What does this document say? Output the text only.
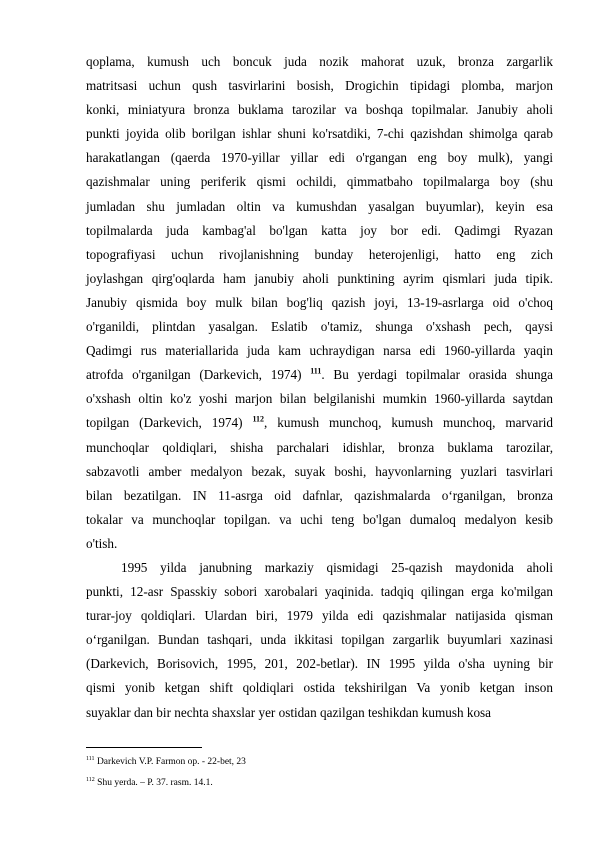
qoplama, kumush uch boncuk juda nozik mahorat uzuk, bronza zargarlik
matritsasi uchun qush tasvirlarini bosish, Drogichin tipidagi plomba, marjon
konki, miniatyura bronza buklama tarozilar va boshqa topilmalar. Janubiy aholi
punkti joyida olib borilgan ishlar shuni ko'rsatdiki, 7-chi qazishdan shimolga qarab
harakatlangan (qaerda 1970-yillar yillar edi o'rgangan eng boy mulk), yangi
qazishmalar uning periferik qismi ochildi, qimmatbaho topilmalarga boy (shu
jumladan shu jumladan oltin va kumushdan yasalgan buyumlar), keyin esa
topilmalarda juda kambag'al bo'lgan katta joy bor edi. Qadimgi Ryazan
topografiyasi uchun rivojlanishning bunday heterojenligi, hatto eng zich
joylashgan qirg'oqlarda ham janubiy aholi punktining ayrim qismlari juda tipik.
Janubiy qismida boy mulk bilan bog'liq qazish joyi, 13-19-asrlarga oid o'choq
o'rganildi, plintdan yasalgan. Eslatib o'tamiz, shunga o'xshash pech, qaysi
Qadimgi rus materiallarida juda kam uchraydigan narsa edi 1960-yillarda yaqin
atrofda o'rganilgan (Darkevich, 1974) $^{111}$. Bu yerdagi topilmalar orasida shunga
o'xshash oltin ko'z yoshi marjon bilan belgilanishi mumkin 1960-yillarda saytdan
topilgan (Darkevich, 1974) $^{112}$, kumush munchoq, kumush munchoq, marvarid
munchoqlar qoldiqlari, shisha parchalari idishlar, bronza buklama tarozilar,
sabzavotli amber medalyon bezak, suyak boshi, hayvonlarning yuzlari tasvirlari
bilan bezatilgan. IN 11-asrga oid dafnlar, qazishmalarda o‘rganilgan, bronza
tokalar va munchoqlar topilgan. va uchi teng bo'lgan dumaloq medalyon kesib
o'tish.

1995 yilda janubning markaziy qismidagi 25-qazish maydonida aholi
punkti, 12-asr Spasskiy sobori xarobalari yaqinida. tadqiq qilingan erga ko'milgan
turar-joy qoldiqlari. Ulardan biri, 1979 yilda edi qazishmalar natijasida qisman
o‘rganilgan. Bundan tashqari, unda ikkitasi topilgan zargarlik buyumlari xazinasi
(Darkevich, Borisovich, 1995, 201, 202-betlar). IN 1995 yilda o'sha uyning bir
qismi yonib ketgan shift qoldiqlari ostida tekshirilgan Va yonib ketgan inson
suyaklar dan bir nechta shaxslar yer ostidan qazilgan teshikdan kumush kosa

$^{111}$ Darkevich V.P. Farmon op. - 22-bet, 23
$^{112}$ Shu yerda. – P. 37. rasm. 14.1.
